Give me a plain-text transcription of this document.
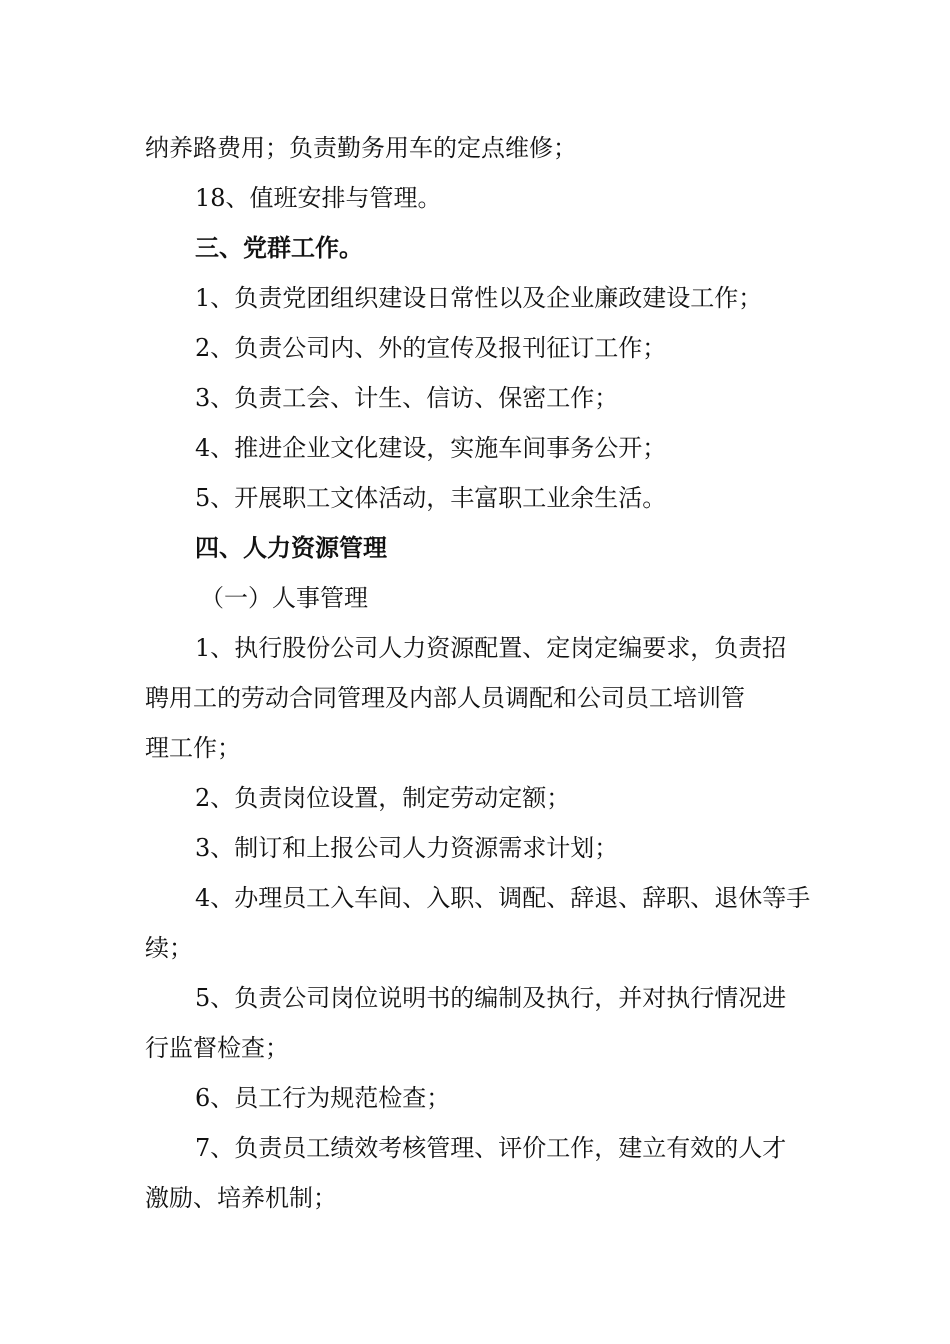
纳养路费用；负责勤务用车的定点维修；
18、值班安排与管理。
三、党群工作。
1、负责党团组织建设日常性以及企业廉政建设工作；
2、负责公司内、外的宣传及报刊征订工作；
3、负责工会、计生、信访、保密工作；
4、推进企业文化建设，实施车间事务公开；
5、开展职工文体活动，丰富职工业余生活。
四、人力资源管理
（一）人事管理
1、执行股份公司人力资源配置、定岗定编要求，负责招
聘用工的劳动合同管理及内部人员调配和公司员工培训管
理工作；
2、负责岗位设置，制定劳动定额；
3、制订和上报公司人力资源需求计划；
4、办理员工入车间、入职、调配、辞退、辞职、退休等手
续；
5、负责公司岗位说明书的编制及执行，并对执行情况进
行监督检查；
6、员工行为规范检查；
7、负责员工绩效考核管理、评价工作，建立有效的人才
激励、培养机制；
